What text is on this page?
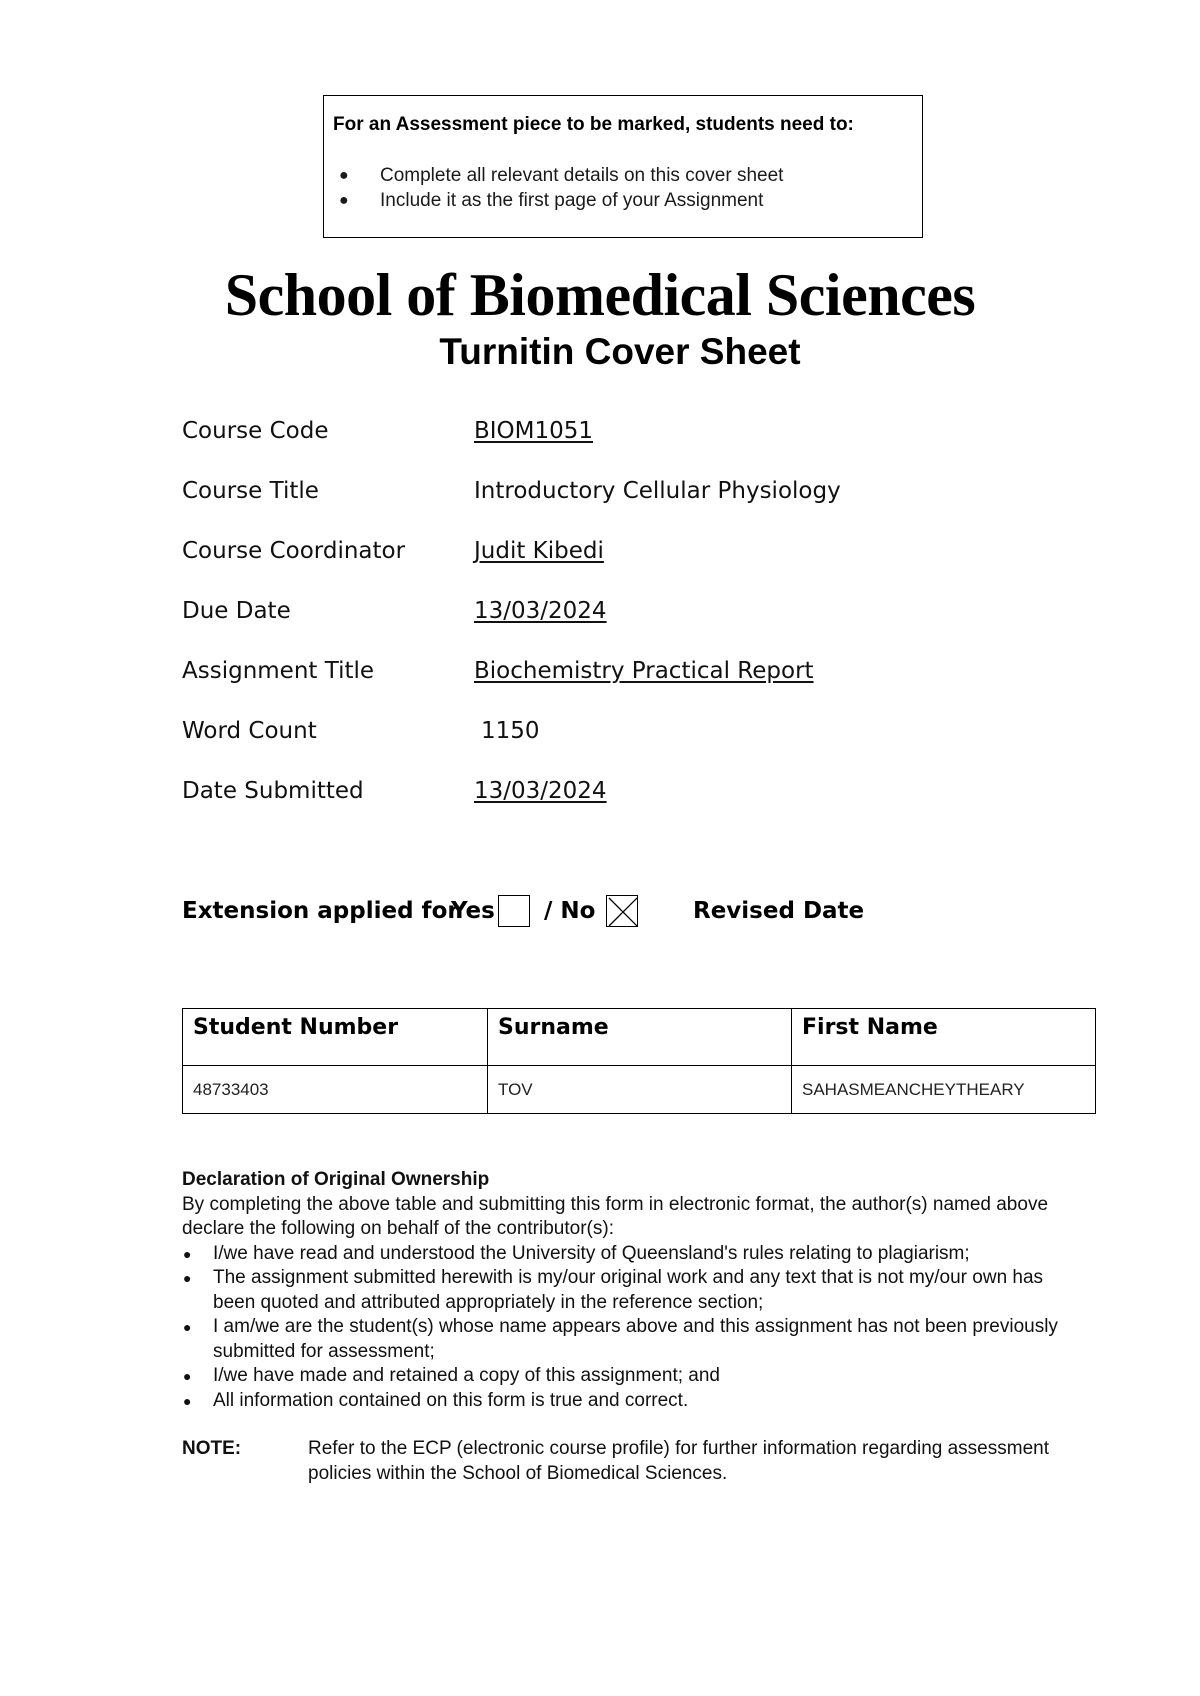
For an Assessment piece to be marked, students need to:
● Complete all relevant details on this cover sheet
● Include it as the first page of your Assignment
School of Biomedical Sciences
Turnitin Cover Sheet
Course Code	BIOM1051
Course Title	Introductory Cellular Physiology
Course Coordinator	Judit Kibedi
Due Date	13/03/2024
Assignment Title	Biochemistry Practical Report
Word Count	1150
Date Submitted	13/03/2024
Extension applied for
Yes / No	Revised Date
Student Number	Surname	First Name
48733403	TOV	SAHASMEANCHEYTHEARY
Declaration of Original Ownership
By completing the above table and submitting this form in electronic format, the author(s) named above declare the following on behalf of the contributor(s):
● I/we have read and understood the University of Queensland's rules relating to plagiarism;
● The assignment submitted herewith is my/our original work and any text that is not my/our own has been quoted and attributed appropriately in the reference section;
● I am/we are the student(s) whose name appears above and this assignment has not been previously submitted for assessment;
● I/we have made and retained a copy of this assignment; and
● All information contained on this form is true and correct.
NOTE:	Refer to the ECP (electronic course profile) for further information regarding assessment policies within the School of Biomedical Sciences.
